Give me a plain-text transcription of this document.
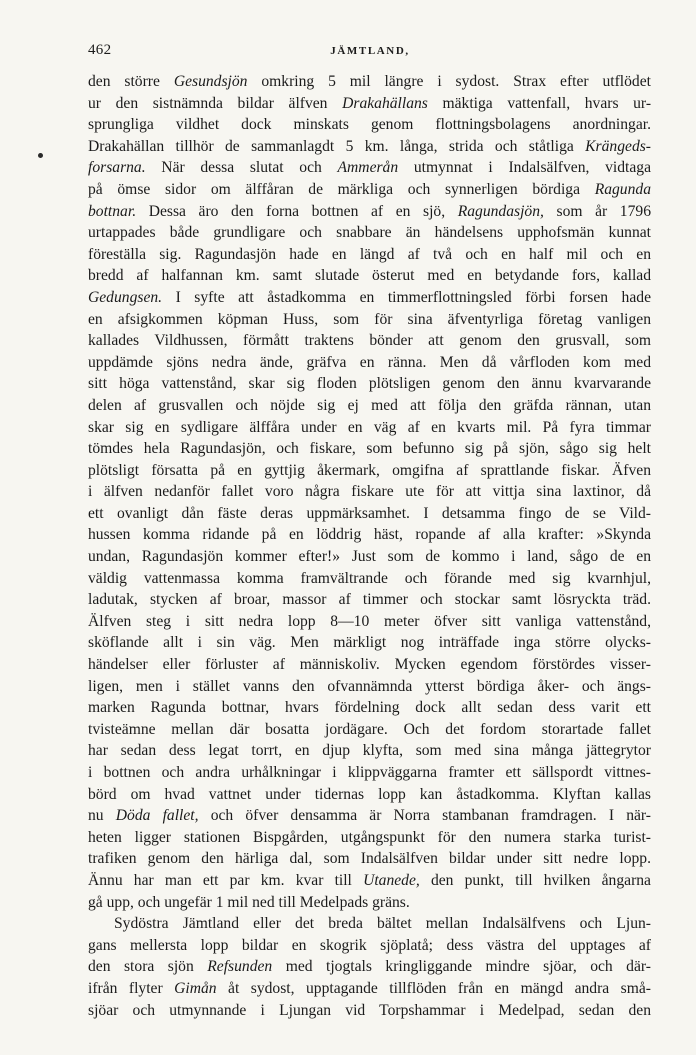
462	JÄMTLAND,
den större Gesundsjön omkring 5 mil längre i sydost. Strax efter utflödet
ur den sistnämnda bildar älfven Drakahällans mäktiga vattenfall, hvars ur-
sprungliga vildhet dock minskats genom flottningsbolagens anordningar.
Drakahällan tillhör de sammanlagdt 5 km. långa, strida och ståtliga Krängeds-
forsarna. När dessa slutat och Ammerån utmynnat i Indalsälfven, vidtaga
på ömse sidor om älffåran de märkliga och synnerligen bördiga Ragunda
bottnar. Dessa äro den forna bottnen af en sjö, Ragundasjön, som år 1796
urtappades både grundligare och snabbare än händelsens upphofsmän kunnat
föreställa sig. Ragundasjön hade en längd af två och en half mil och en
bredd af halfannan km. samt slutade österut med en betydande fors, kallad
Gedungsen. I syfte att åstadkomma en timmerflottningsled förbi forsen hade
en afsigkommen köpman Huss, som för sina äfventyrliga företag vanligen
kallades Vildhussen, förmått traktens bönder att genom den grusvall, som
uppdämde sjöns nedra ände, gräfva en ränna. Men då vårfloden kom med
sitt höga vattenstånd, skar sig floden plötsligen genom den ännu kvarvarande
delen af grusvallen och nöjde sig ej med att följa den gräfda rännan, utan
skar sig en sydligare älffåra under en väg af en kvarts mil. På fyra timmar
tömdes hela Ragundasjön, och fiskare, som befunno sig på sjön, sågo sig helt
plötsligt försatta på en gyttjig åkermark, omgifna af sprattlande fiskar. Äfven
i älfven nedanför fallet voro några fiskare ute för att vittja sina laxtinor, då
ett ovanligt dån fäste deras uppmärksamhet. I detsamma fingo de se Vild-
hussen komma ridande på en löddrig häst, ropande af alla krafter: »Skynda
undan, Ragundasjön kommer efter!» Just som de kommo i land, sågo de en
väldig vattenmassa komma framvältrande och förande med sig kvarnhjul,
ladutak, stycken af broar, massor af timmer och stockar samt lösryckta träd.
Älfven steg i sitt nedra lopp 8—10 meter öfver sitt vanliga vattenstånd,
sköflande allt i sin väg. Men märkligt nog inträffade inga större olycks-
händelser eller förluster af människoliv. Mycken egendom förstördes visser-
ligen, men i stället vanns den ofvannämnda ytterst bördiga åker- och ängs-
marken Ragunda bottnar, hvars fördelning dock allt sedan dess varit ett
tvisteämne mellan där bosatta jordägare. Och det fordom storartade fallet
har sedan dess legat torrt, en djup klyfta, som med sina många jättegrytor
i bottnen och andra urhålkningar i klippväggarna framter ett sällspordt vittnes-
börd om hvad vattnet under tidernas lopp kan åstadkomma. Klyftan kallas
nu Döda fallet, och öfver densamma är Norra stambanan framdragen. I när-
heten ligger stationen Bispgården, utgångspunkt för den numera starka turist-
trafiken genom den härliga dal, som Indalsälfven bildar under sitt nedre lopp.
Ännu har man ett par km. kvar till Utanede, den punkt, till hvilken ångarna
gå upp, och ungefär 1 mil ned till Medelpads gräns.
Sydöstra Jämtland eller det breda bältet mellan Indalsälfvens och Ljun-
gans mellersta lopp bildar en skogrik sjöplatå; dess västra del upptages af
den stora sjön Refsunden med tjogtals kringliggande mindre sjöar, och där-
ifrån flyter Gimån åt sydost, upptagande tillflöden från en mängd andra små-
sjöar och utmynnande i Ljungan vid Torpshammar i Medelpad, sedan den
